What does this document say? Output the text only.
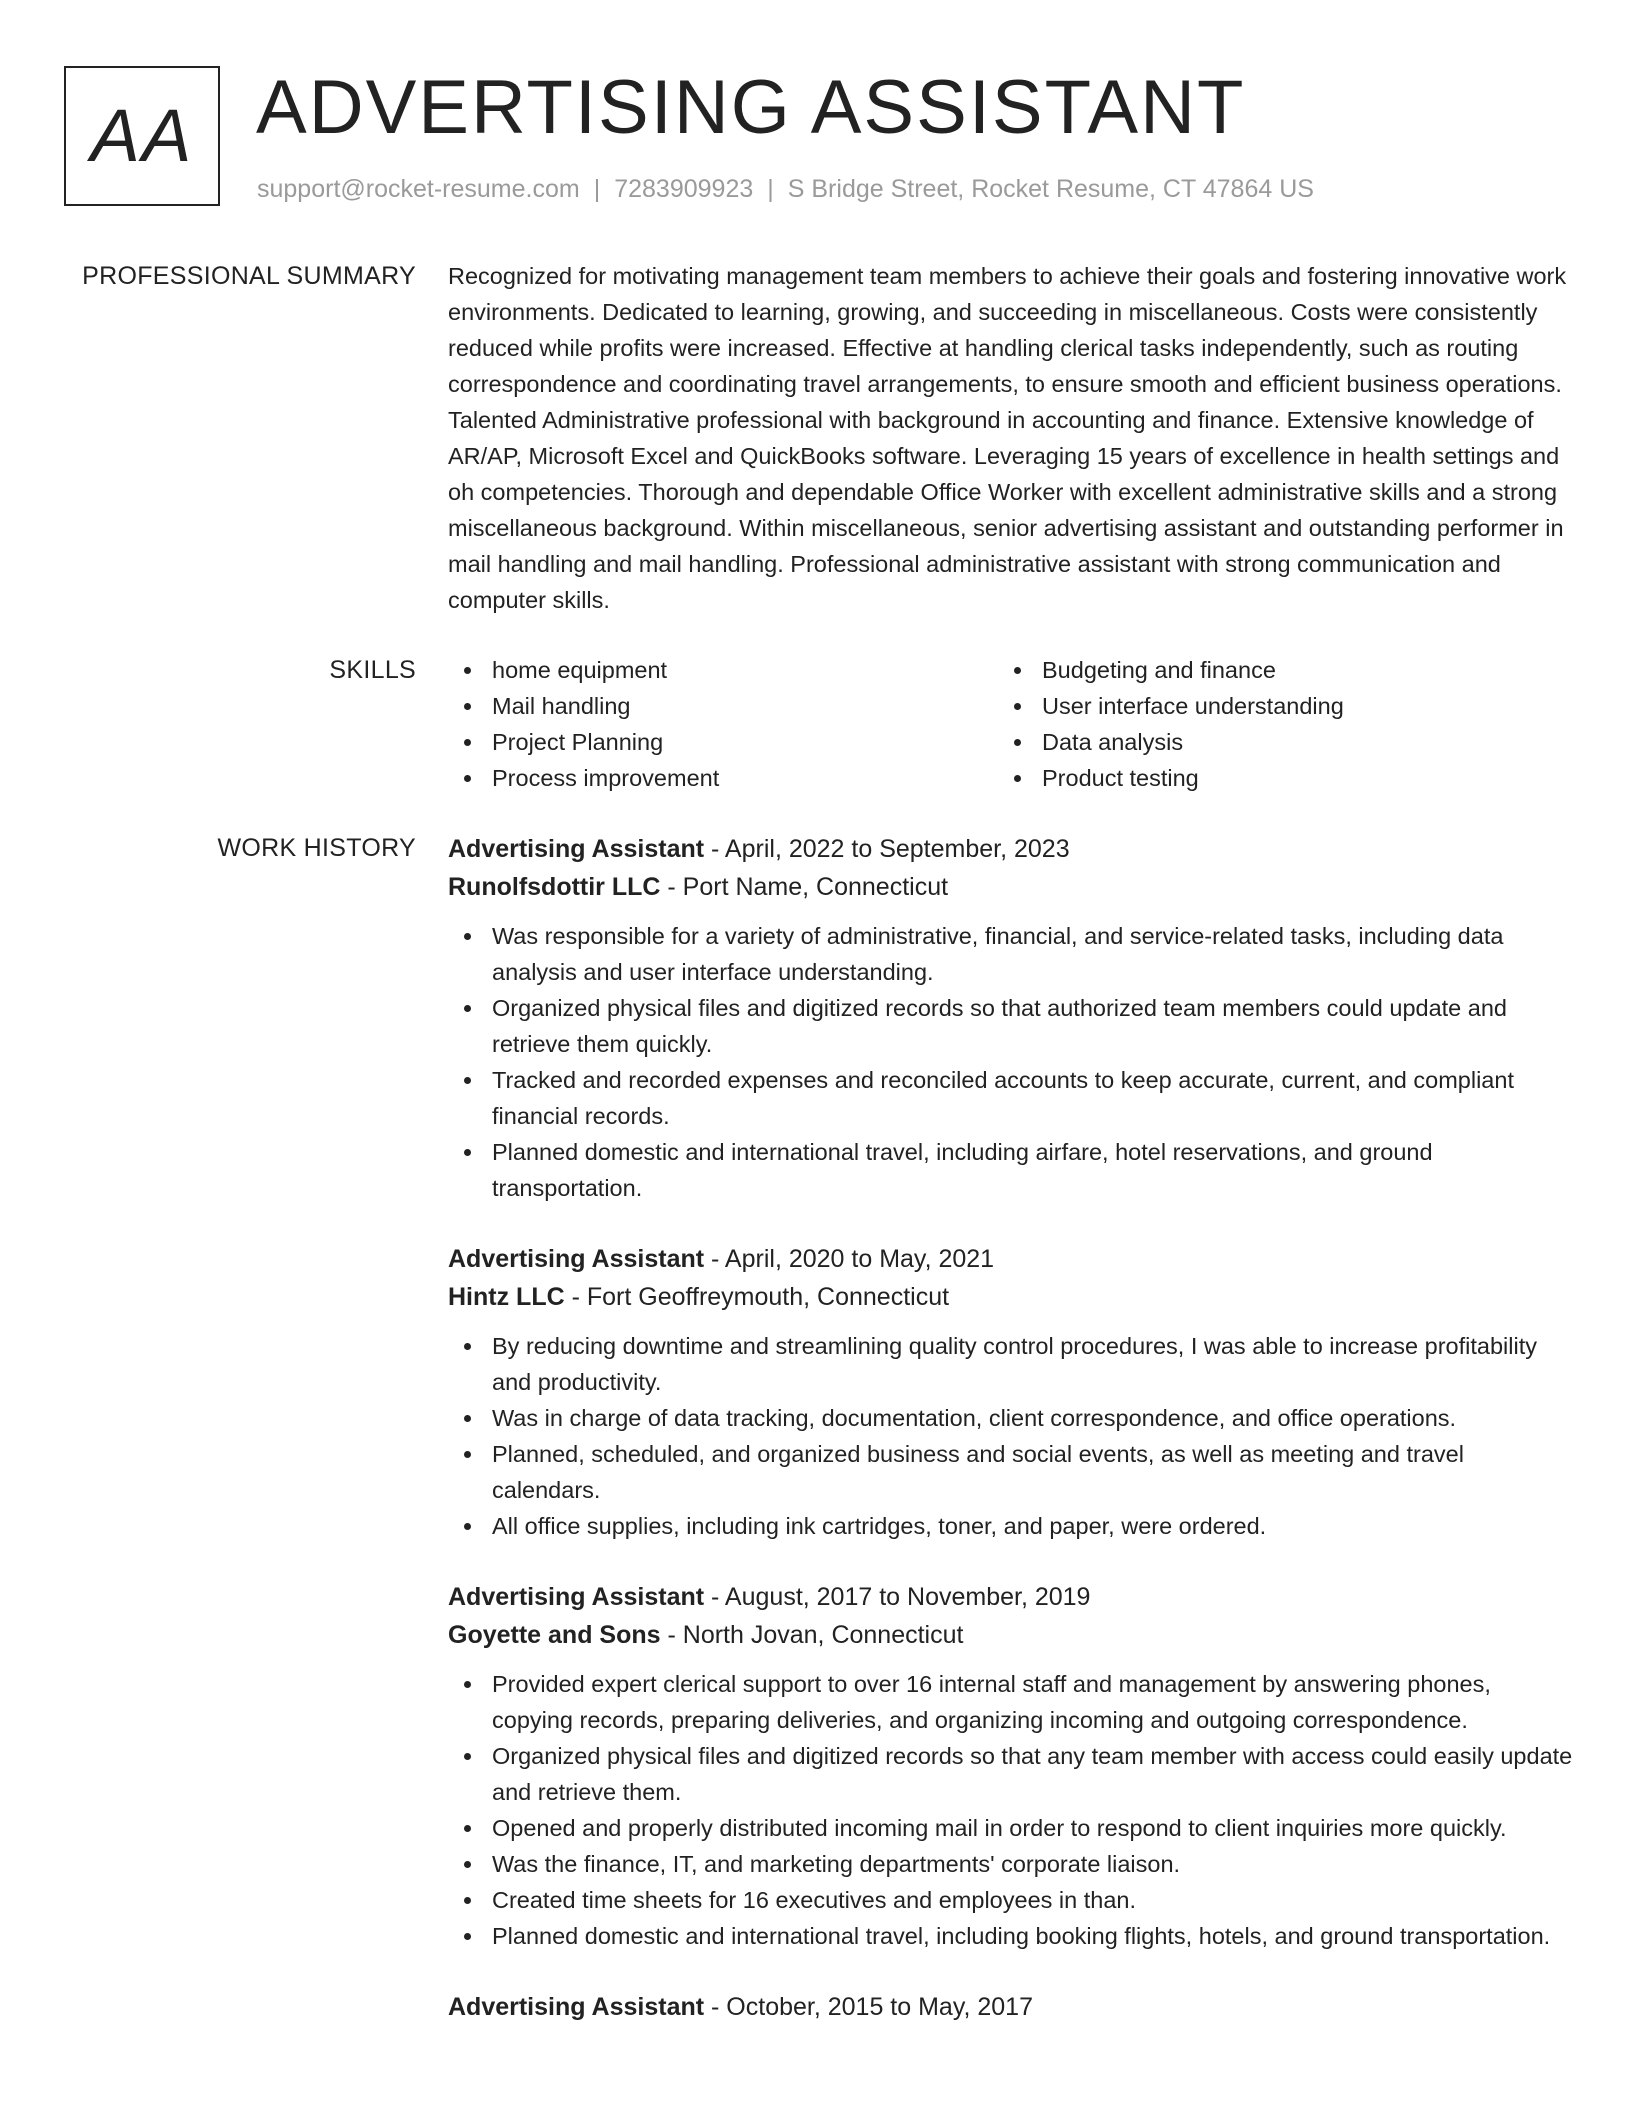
AA ADVERTISING ASSISTANT
support@rocket-resume.com | 7283909923 | S Bridge Street, Rocket Resume, CT 47864 US
PROFESSIONAL SUMMARY Recognized for motivating management team members to achieve their goals and fostering innovative work environments. Dedicated to learning, growing, and succeeding in miscellaneous. Costs were consistently reduced while profits were increased. Effective at handling clerical tasks independently, such as routing correspondence and coordinating travel arrangements, to ensure smooth and efficient business operations. Talented Administrative professional with background in accounting and finance. Extensive knowledge of AR/AP, Microsoft Excel and QuickBooks software. Leveraging 15 years of excellence in health settings and oh competencies. Thorough and dependable Office Worker with excellent administrative skills and a strong miscellaneous background. Within miscellaneous, senior advertising assistant and outstanding performer in mail handling and mail handling. Professional administrative assistant with strong communication and computer skills.
SKILLS	home equipment	Budgeting and finance
Mail handling	User interface understanding
Project Planning	Data analysis
Process improvement	Product testing
WORK HISTORY Advertising Assistant - April, 2022 to September, 2023
Runolfsdottir LLC - Port Name, Connecticut
Was responsible for a variety of administrative, financial, and service-related tasks, including data analysis and user interface understanding.
Organized physical files and digitized records so that authorized team members could update and retrieve them quickly.
Tracked and recorded expenses and reconciled accounts to keep accurate, current, and compliant financial records.
Planned domestic and international travel, including airfare, hotel reservations, and ground transportation.
Advertising Assistant - April, 2020 to May, 2021
Hintz LLC - Fort Geoffreymouth, Connecticut
By reducing downtime and streamlining quality control procedures, I was able to increase profitability and productivity.
Was in charge of data tracking, documentation, client correspondence, and office operations.
Planned, scheduled, and organized business and social events, as well as meeting and travel calendars.
All office supplies, including ink cartridges, toner, and paper, were ordered.
Advertising Assistant - August, 2017 to November, 2019
Goyette and Sons - North Jovan, Connecticut
Provided expert clerical support to over 16 internal staff and management by answering phones, copying records, preparing deliveries, and organizing incoming and outgoing correspondence.
Organized physical files and digitized records so that any team member with access could easily update and retrieve them.
Opened and properly distributed incoming mail in order to respond to client inquiries more quickly.
Was the finance, IT, and marketing departments' corporate liaison.
Created time sheets for 16 executives and employees in than.
Planned domestic and international travel, including booking flights, hotels, and ground transportation.
Advertising Assistant - October, 2015 to May, 2017
